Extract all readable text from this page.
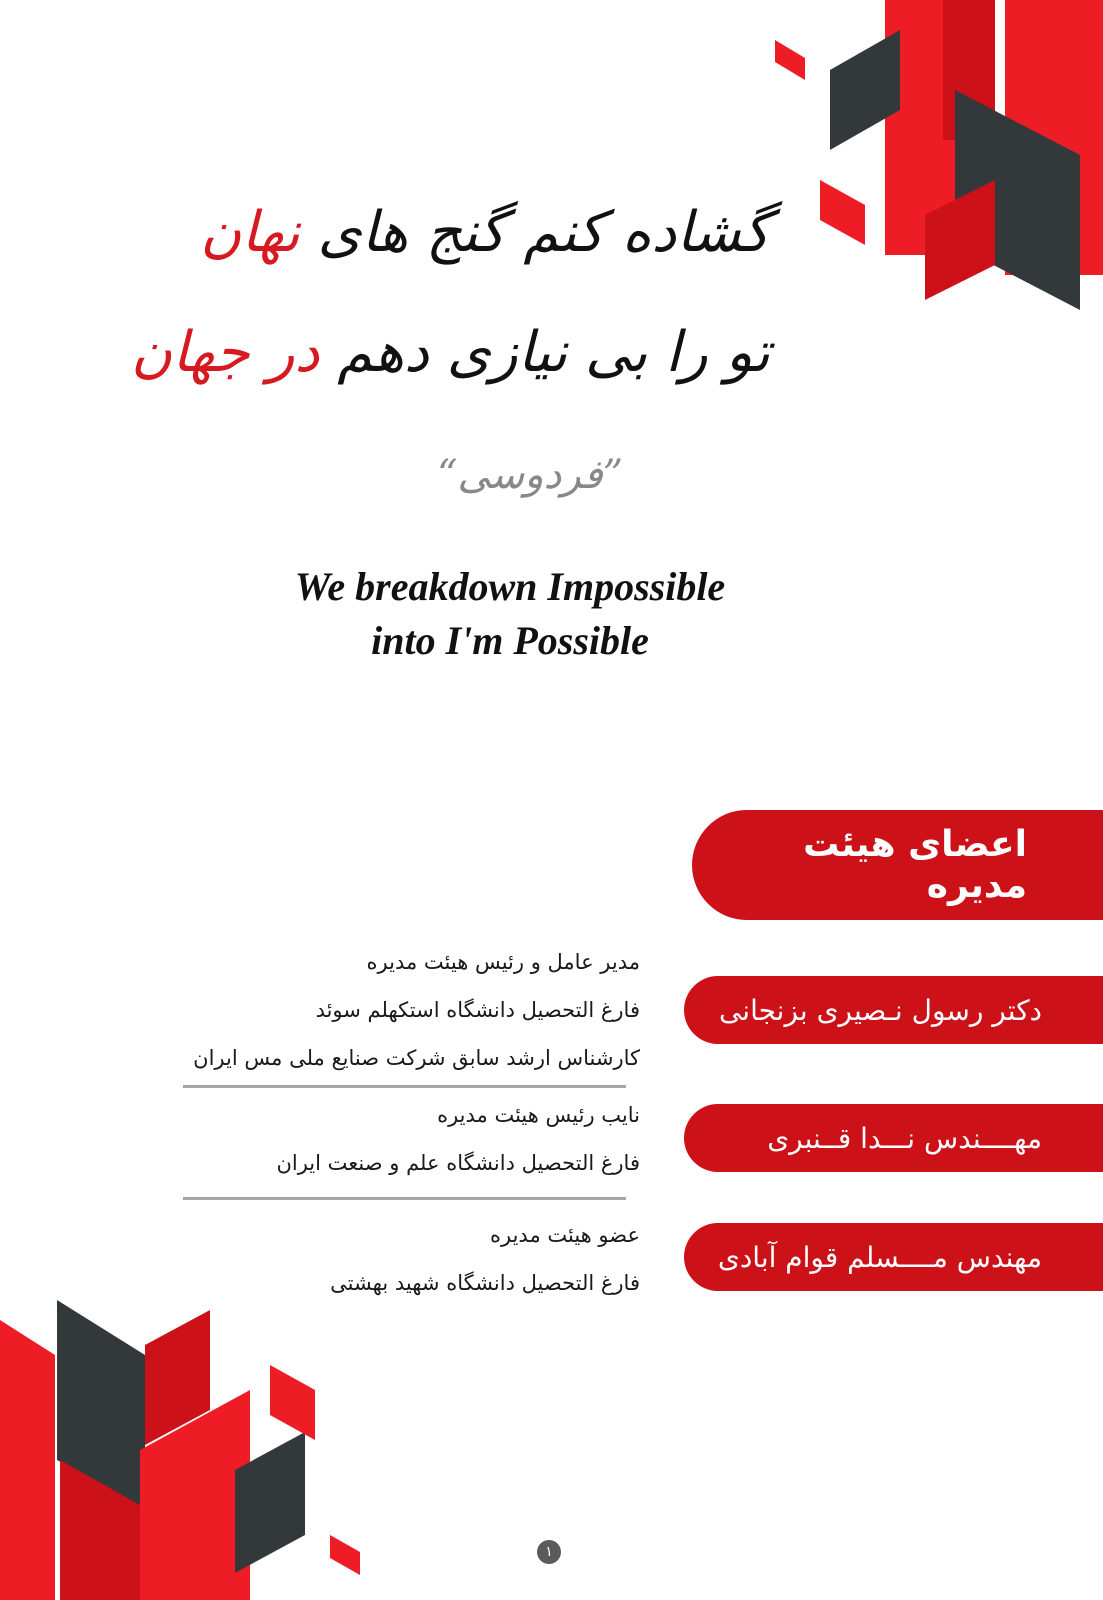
گشاده کنم گنج های نهان
تو را بی نیازی دهم در جهان
“فردوسی”
We breakdown Impossible
into I'm Possible
اعضای هیئت مدیره
دکتر رسول نـصیری بزنجانی
مهــــندس نـــدا قــنبری
مهندس مــــسلم قوام آبادی
مدیر عامل و رئیس هیئت مدیره
فارغ التحصیل دانشگاه استکهلم سوئد
کارشناس ارشد سابق شرکت صنایع ملی مس ایران
نایب رئیس هیئت مدیره
فارغ التحصیل دانشگاه علم و صنعت ایران
عضو هیئت مدیره
فارغ التحصیل دانشگاه شهید بهشتی
۱
